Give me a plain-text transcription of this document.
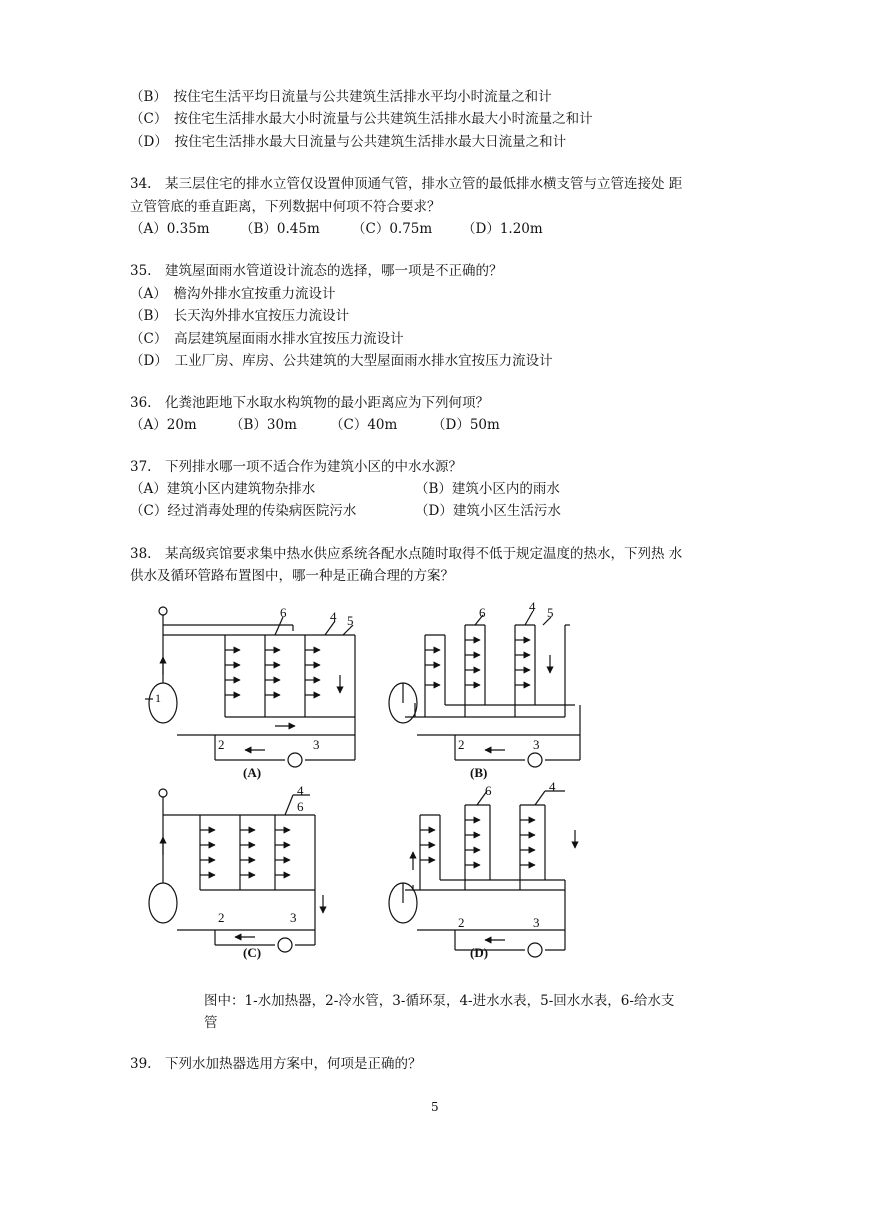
（B）　按住宅生活平均日流量与公共建筑生活排水平均小时流量之和计
（C）　按住宅生活排水最大小时流量与公共建筑生活排水最大小时流量之和计
（D）　按住宅生活排水最大日流量与公共建筑生活排水最大日流量之和计
34.　某三层住宅的排水立管仅设置伸顶通气管，排水立管的最低排水横支管与立管连接处 距
立管管底的垂直距离，下列数据中何项不符合要求？
（A）0.35m （B）0.45m （C）0.75m （D）1.20m
35.　建筑屋面雨水管道设计流态的选择，哪一项是不正确的？
（A）　檐沟外排水宜按重力流设计
（B）　长天沟外排水宜按压力流设计
（C）　高层建筑屋面雨水排水宜按压力流设计
（D）　工业厂房、库房、公共建筑的大型屋面雨水排水宜按压力流设计
36.　化粪池距地下水取水构筑物的最小距离应为下列何项？
（A）20m （B）30m （C）40m	（D）50m
37.　下列排水哪一项不适合作为建筑小区的中水水源？
（A）建筑小区内建筑物杂排水	（B）建筑小区内的雨水
（C）经过消毒处理的传染病医院污水	（D）建筑小区生活污水
38.　某高级宾馆要求集中热水供应系统各配水点随时取得不低于规定温度的热水，下列热 水
供水及循环管路布置图中，哪一种是正确合理的方案？
1
6	4 5
2	3
(A)
6	4 5
2	3
(B)
4
6
2	3
(C)
6	4
2	3
(D)
图中：1-水加热器，2-冷水管，3-循环泵，4-进水水表，5-回水水表，6-给水支
管
39.　下列水加热器选用方案中，何项是正确的？
5
